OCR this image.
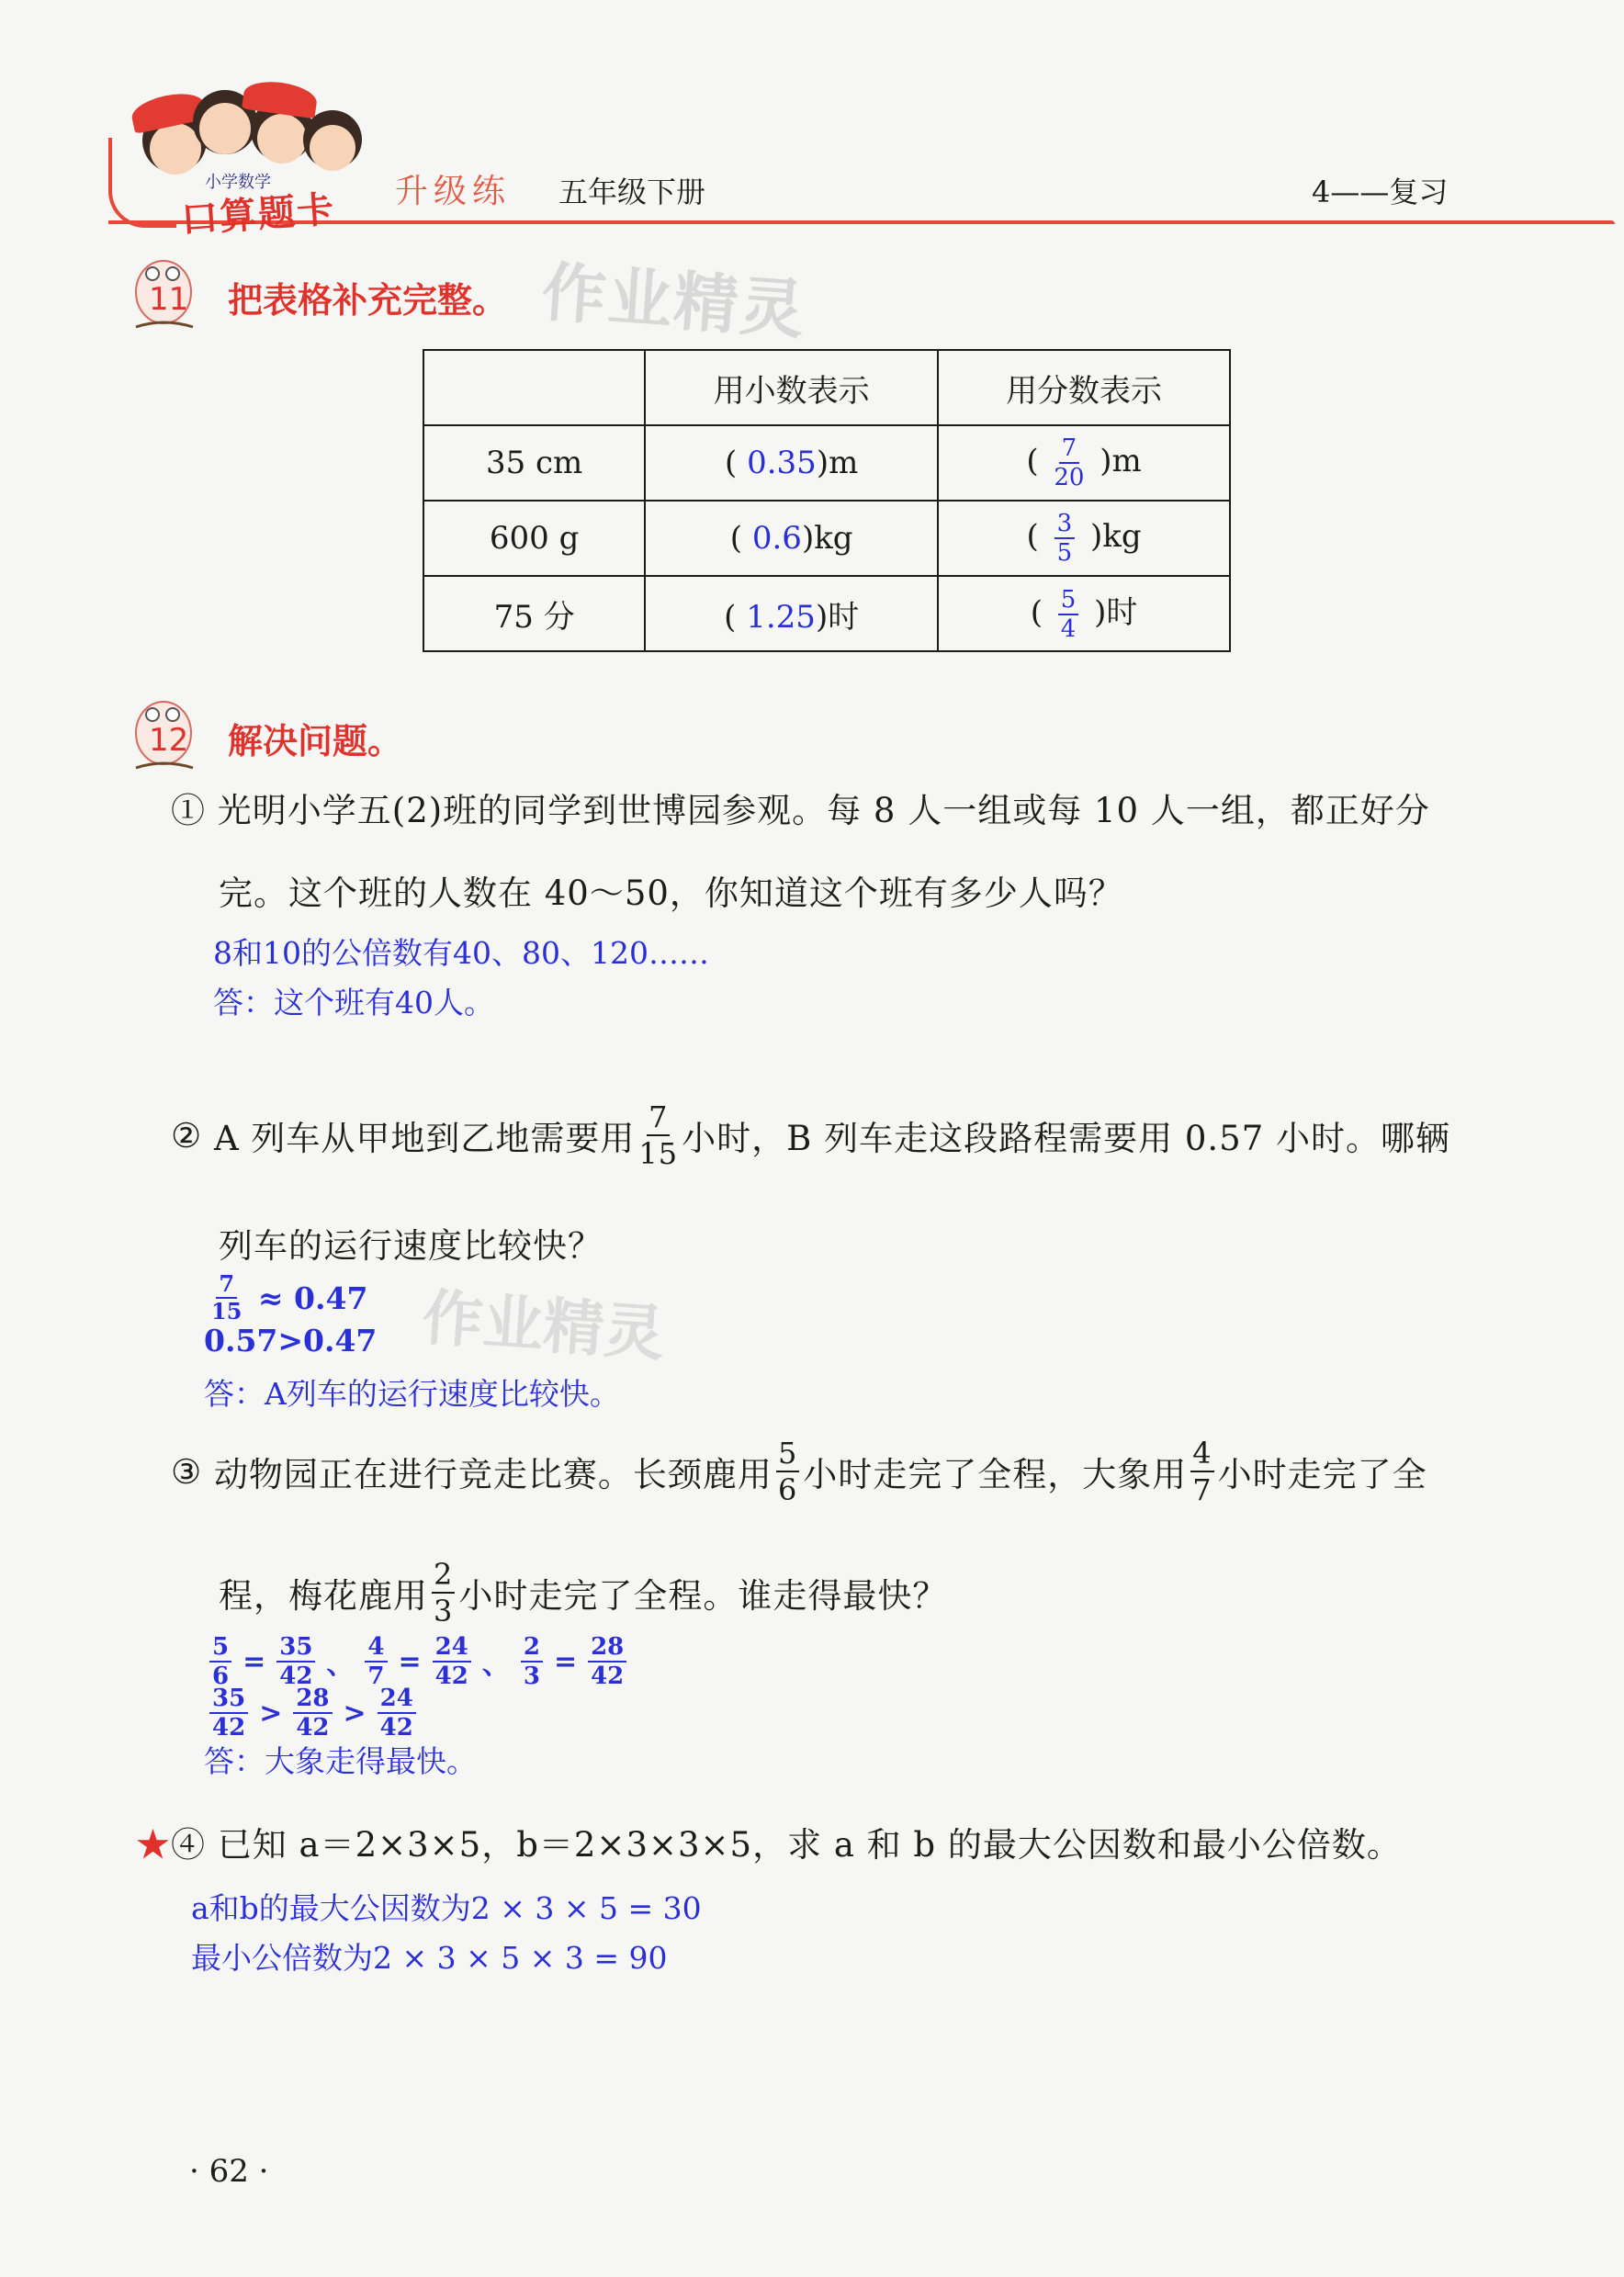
小学数学
口算题卡 升级练 五年级下册	4——复习
11 把表格补充完整。 作业精灵
	用小数表示	用分数表示
35 cm	( 0.35)m	( $\frac{7}{20} )m$
600 g	( 0.6)kg	( $\frac{3}{5} )kg$
75 分	( 1.25)时	( $\frac{5}{4}$ )时
12 解决问题。
① 光明小学五(2)班的同学到世博园参观。每 8 人一组或每 10 人一组，都正好分
完。这个班的人数在 40～50，你知道这个班有多少人吗？
8和10的公倍数有40、80、120……
答：这个班有40人。
②
A 列车从甲地到乙地需要用 $\frac{7}{15}$ 小时，B 列车走这段路程需要用 0.57 小时。哪辆
列车的运行速度比较快？
$\frac{7}{15}$
≈ 0.47
0.57>0.47
答：A列车的运行速度比较快。
作业精灵
③
动物园正在进行竞走比赛。长颈鹿用 $\frac{5}{6}$ 小时走完了全程，大象用 $\frac{4}{7}$ 小时走完了全
程，梅花鹿用 $\frac{2}{3}$ 小时走完了全程。谁走得最快？
$\frac{5}{6} = \frac{35}{42}$ 、 $\frac{4}{7} = \frac{24}{42}$ 、 $\frac{2}{3} = \frac{28}{42}$
$\frac{35}{42} > \frac{28}{42} > \frac{24}{42}$
答：大象走得最快。
★④ 已知 a＝2×3×5，b＝2×3×3×5，求 a 和 b 的最大公因数和最小公倍数。
a和b的最大公因数为2 × 3 × 5 = 30
最小公倍数为2 × 3 × 5 × 3 = 90
· 62 ·
